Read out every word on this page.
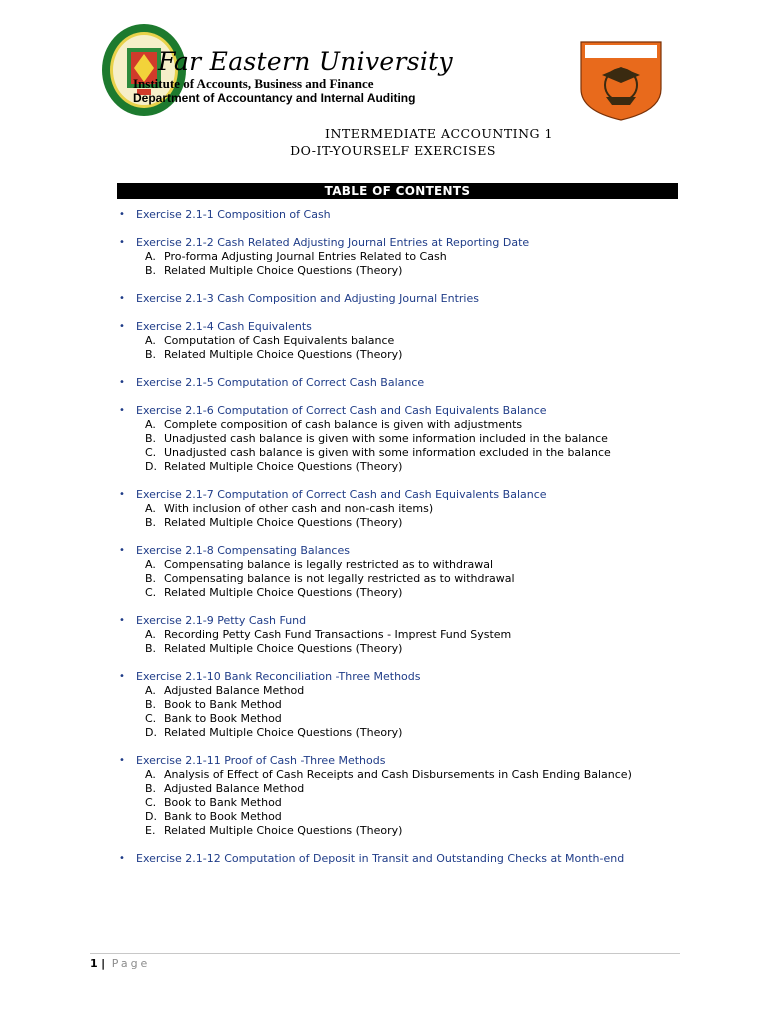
Far Eastern University
Institute of Accounts, Business and Finance
Department of Accountancy and Internal Auditing
INTERMEDIATE ACCOUNTING 1
DO-IT-YOURSELF EXERCISES
TABLE OF CONTENTS
•	Exercise 2.1-1 Composition of Cash
•	Exercise 2.1-2 Cash Related Adjusting Journal Entries at Reporting Date
A. Pro-forma Adjusting Journal Entries Related to Cash
B. Related Multiple Choice Questions (Theory)
•	Exercise 2.1-3 Cash Composition and Adjusting Journal Entries
•	Exercise 2.1-4 Cash Equivalents
A. Computation of Cash Equivalents balance
B. Related Multiple Choice Questions (Theory)
•	Exercise 2.1-5 Computation of Correct Cash Balance
•	Exercise 2.1-6 Computation of Correct Cash and Cash Equivalents Balance
A. Complete composition of cash balance is given with adjustments
B. Unadjusted cash balance is given with some information included in the balance
C. Unadjusted cash balance is given with some information excluded in the balance
D. Related Multiple Choice Questions (Theory)
•	Exercise 2.1-7 Computation of Correct Cash and Cash Equivalents Balance
A. With inclusion of other cash and non-cash items)
B. Related Multiple Choice Questions (Theory)
•	Exercise 2.1-8 Compensating Balances
A. Compensating balance is legally restricted as to withdrawal
B. Compensating balance is not legally restricted as to withdrawal
C. Related Multiple Choice Questions (Theory)
•	Exercise 2.1-9 Petty Cash Fund
A. Recording Petty Cash Fund Transactions - Imprest Fund System
B. Related Multiple Choice Questions (Theory)
•	Exercise 2.1-10 Bank Reconciliation -Three Methods
A. Adjusted Balance Method
B. Book to Bank Method
C. Bank to Book Method
D. Related Multiple Choice Questions (Theory)
•	Exercise 2.1-11 Proof of Cash -Three Methods
A. Analysis of Effect of Cash Receipts and Cash Disbursements in Cash Ending Balance)
B. Adjusted Balance Method
C. Book to Bank Method
D. Bank to Book Method
E. Related Multiple Choice Questions (Theory)
•	Exercise 2.1-12 Computation of Deposit in Transit and Outstanding Checks at Month-end
1 | Page
